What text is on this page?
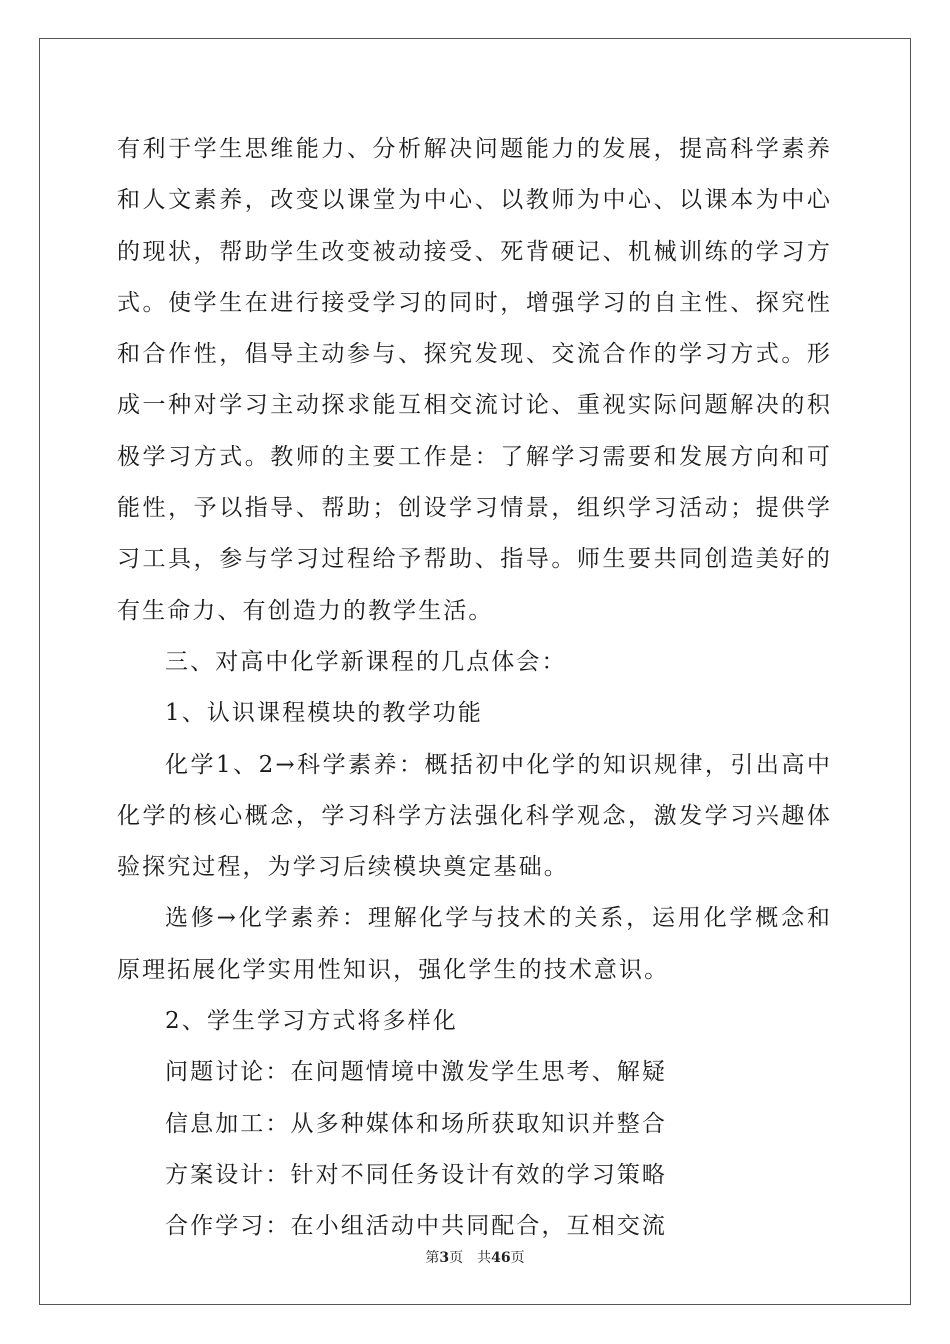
有利于学生思维能力、分析解决问题能力的发展，提高科学素养和人文素养，改变以课堂为中心、以教师为中心、以课本为中心的现状，帮助学生改变被动接受、死背硬记、机械训练的学习方式。使学生在进行接受学习的同时，增强学习的自主性、探究性和合作性，倡导主动参与、探究发现、交流合作的学习方式。形成一种对学习主动探求能互相交流讨论、重视实际问题解决的积极学习方式。教师的主要工作是：了解学习需要和发展方向和可能性，予以指导、帮助；创设学习情景，组织学习活动；提供学习工具，参与学习过程给予帮助、指导。师生要共同创造美好的有生命力、有创造力的教学生活。

三、对高中化学新课程的几点体会：

1、认识课程模块的教学功能

化学1、2→科学素养：概括初中化学的知识规律，引出高中化学的核心概念，学习科学方法强化科学观念，激发学习兴趣体验探究过程，为学习后续模块奠定基础。

选修→化学素养：理解化学与技术的关系，运用化学概念和原理拓展化学实用性知识，强化学生的技术意识。

2、学生学习方式将多样化

问题讨论：在问题情境中激发学生思考、解疑

信息加工：从多种媒体和场所获取知识并整合

方案设计：针对不同任务设计有效的学习策略

合作学习：在小组活动中共同配合，互相交流

第3页 共46页
